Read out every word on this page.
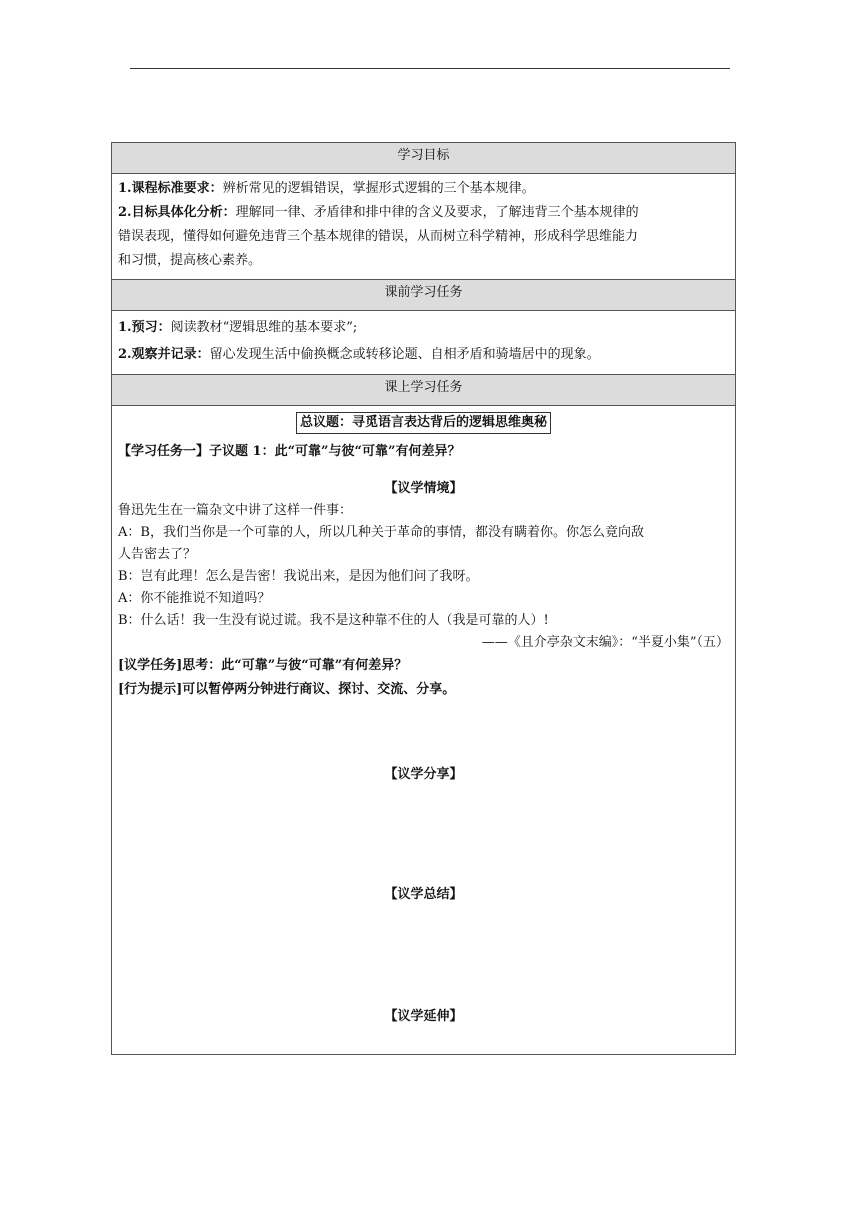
学习目标
1.课程标准要求：辨析常见的逻辑错误，掌握形式逻辑的三个基本规律。
2.目标具体化分析：理解同一律、矛盾律和排中律的含义及要求，了解违背三个基本规律的
错误表现，懂得如何避免违背三个基本规律的错误，从而树立科学精神，形成科学思维能力
和习惯，提高核心素养。
课前学习任务
1.预习：阅读教材“逻辑思维的基本要求”;
2.观察并记录：留心发现生活中偷换概念或转移论题、自相矛盾和骑墙居中的现象。
课上学习任务
总议题：寻觅语言表达背后的逻辑思维奥秘
【学习任务一】子议题 1：此“可靠”与彼“可靠”有何差异？
【议学情境】
鲁迅先生在一篇杂文中讲了这样一件事：
A：B，我们当你是一个可靠的人，所以几种关于革命的事情，都没有瞒着你。你怎么竟向敌
人告密去了？
B：岂有此理！怎么是告密！我说出来，是因为他们问了我呀。
A：你不能推说不知道吗？
B：什么话！我一生没有说过谎。我不是这种靠不住的人（我是可靠的人）!
——《且介亭杂文末编》：“半夏小集”（五）
[议学任务]思考：此“可靠”与彼“可靠”有何差异？
[行为提示]可以暂停两分钟进行商议、探讨、交流、分享。
【议学分享】
【议学总结】
【议学延伸】
